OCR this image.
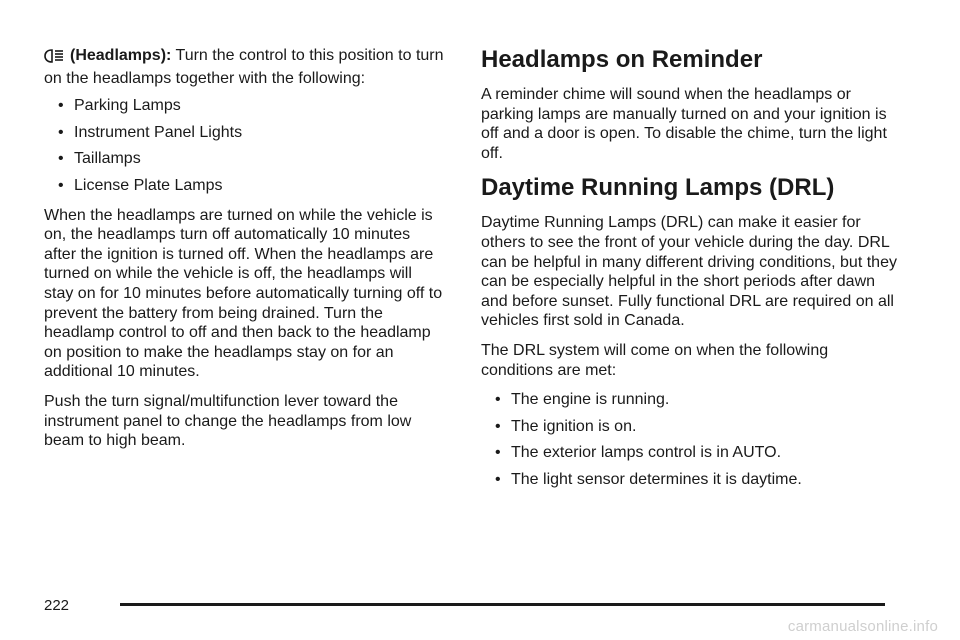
(Headlamps): Turn the control to this position to turn on the headlamps together with the following:

• Parking Lamps
• Instrument Panel Lights
• Taillamps
• License Plate Lamps

When the headlamps are turned on while the vehicle is on, the headlamps turn off automatically 10 minutes after the ignition is turned off. When the headlamps are turned on while the vehicle is off, the headlamps will stay on for 10 minutes before automatically turning off to prevent the battery from being drained. Turn the headlamp control to off and then back to the headlamp on position to make the headlamps stay on for an additional 10 minutes.

Push the turn signal/multifunction lever toward the instrument panel to change the headlamps from low beam to high beam.

Headlamps on Reminder

A reminder chime will sound when the headlamps or parking lamps are manually turned on and your ignition is off and a door is open. To disable the chime, turn the light off.

Daytime Running Lamps (DRL)

Daytime Running Lamps (DRL) can make it easier for others to see the front of your vehicle during the day. DRL can be helpful in many different driving conditions, but they can be especially helpful in the short periods after dawn and before sunset. Fully functional DRL are required on all vehicles first sold in Canada.

The DRL system will come on when the following conditions are met:

• The engine is running.
• The ignition is on.
• The exterior lamps control is in AUTO.
• The light sensor determines it is daytime.
222
carmanualsonline.info
